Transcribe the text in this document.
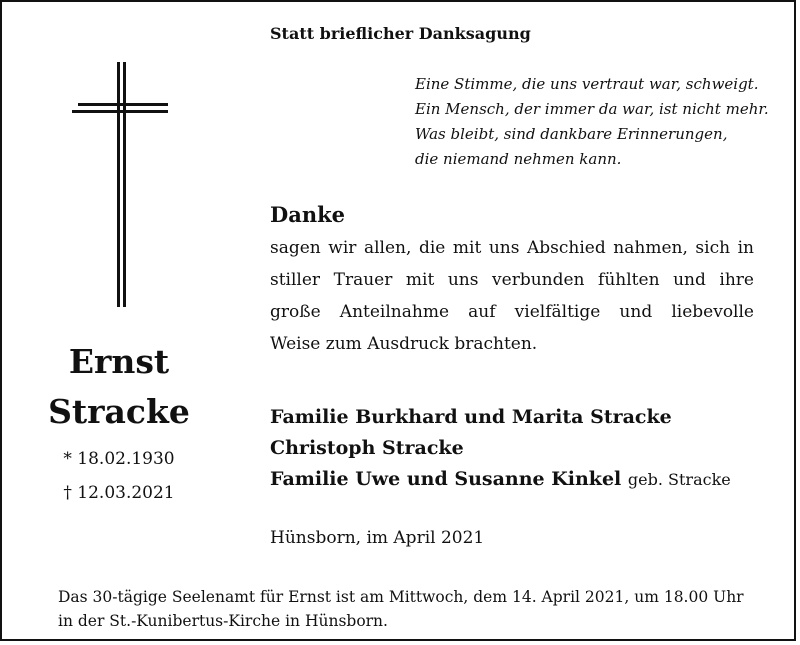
Statt brieflicher Danksagung
Eine Stimme, die uns vertraut war, schweigt.
Ein Mensch, der immer da war, ist nicht mehr.
Was bleibt, sind dankbare Erinnerungen,
die niemand nehmen kann.
Ernst
Stracke
* 18.02.1930
† 12.03.2021
Danke
sagen wir allen, die mit uns Abschied nahmen, sich in
stiller Trauer mit uns verbunden fühlten und ihre
große Anteilnahme auf vielfältige und liebevolle
Weise zum Ausdruck brachten.
Familie Burkhard und Marita Stracke
Christoph Stracke
Familie Uwe und Susanne Kinkel geb. Stracke
Hünsborn, im April 2021
Das 30-tägige Seelenamt für Ernst ist am Mittwoch, dem 14. April 2021, um 18.00 Uhr
in der St.-Kunibertus-Kirche in Hünsborn.
